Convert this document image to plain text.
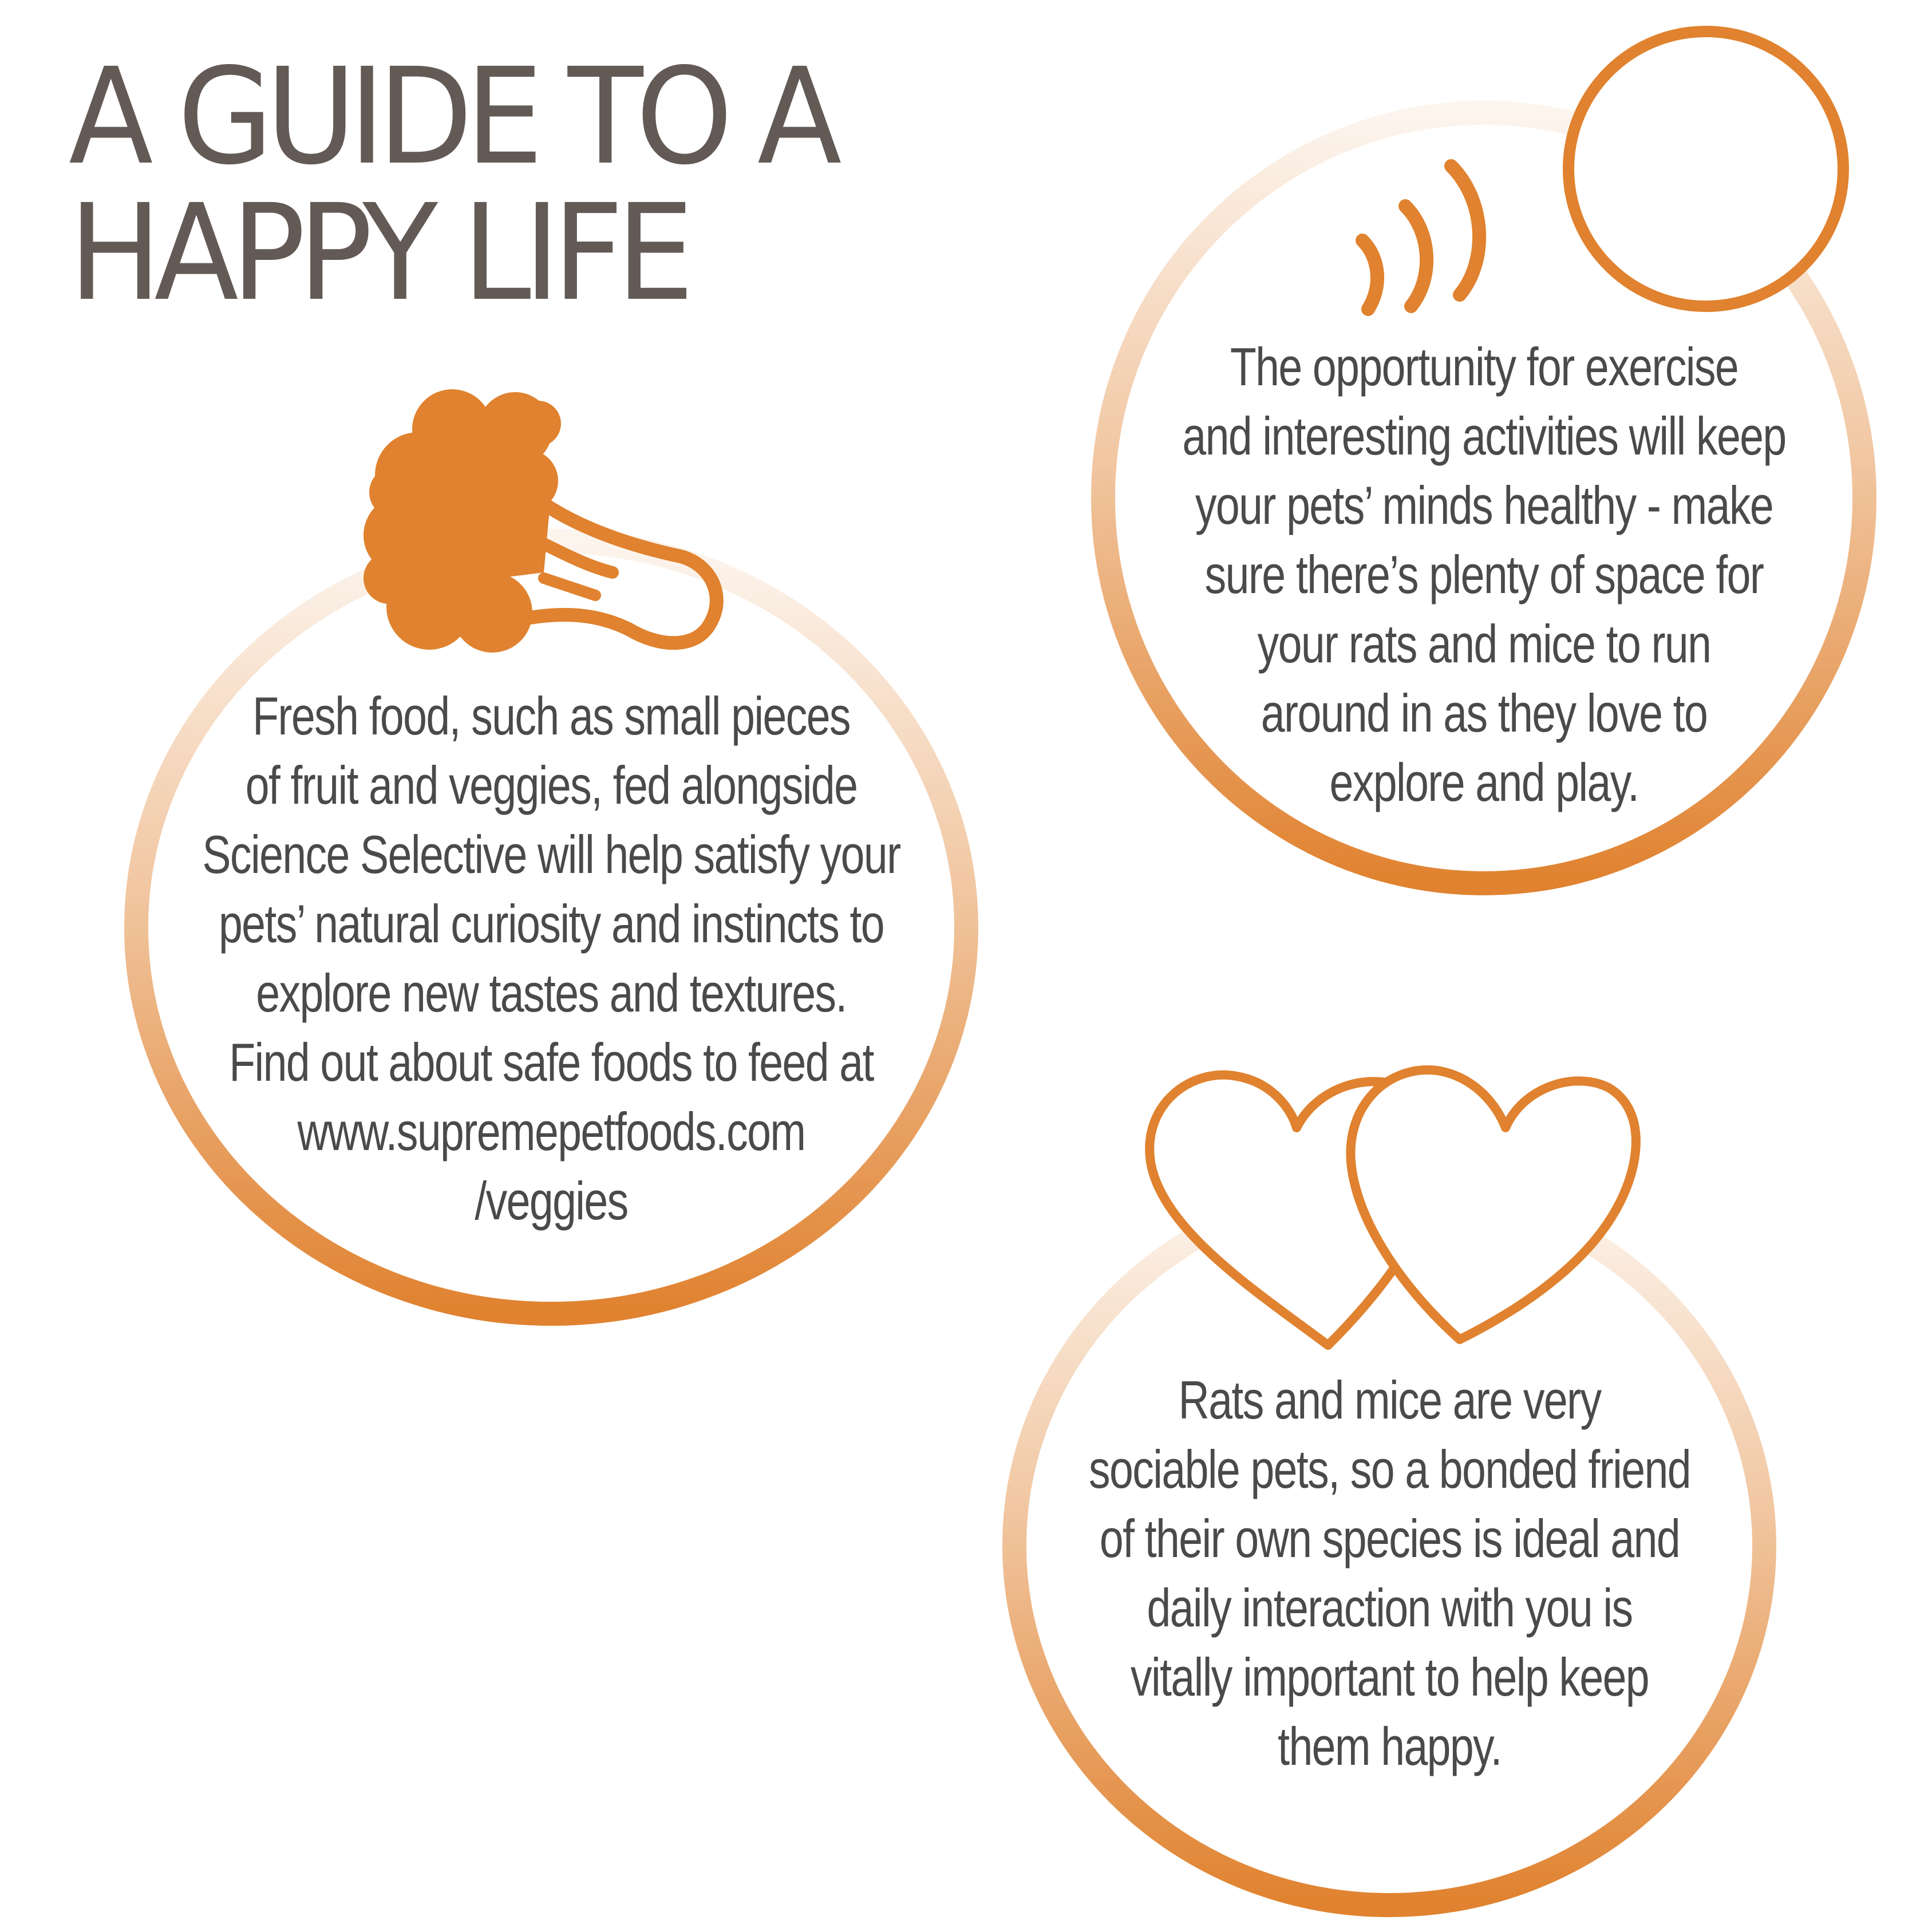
A GUIDE TO A
HAPPY LIFE

Fresh food, such as small pieces
of fruit and veggies, fed alongside
Science Selective will help satisfy your
pets’ natural curiosity and instincts to
explore new tastes and textures.
Find out about safe foods to feed at
www.supremepetfoods.com
/veggies

The opportunity for exercise
and interesting activities will keep
your pets’ minds healthy - make
sure there’s plenty of space for
your rats and mice to run
around in as they love to
explore and play.

Rats and mice are very
sociable pets, so a bonded friend
of their own species is ideal and
daily interaction with you is
vitally important to help keep
them happy.
